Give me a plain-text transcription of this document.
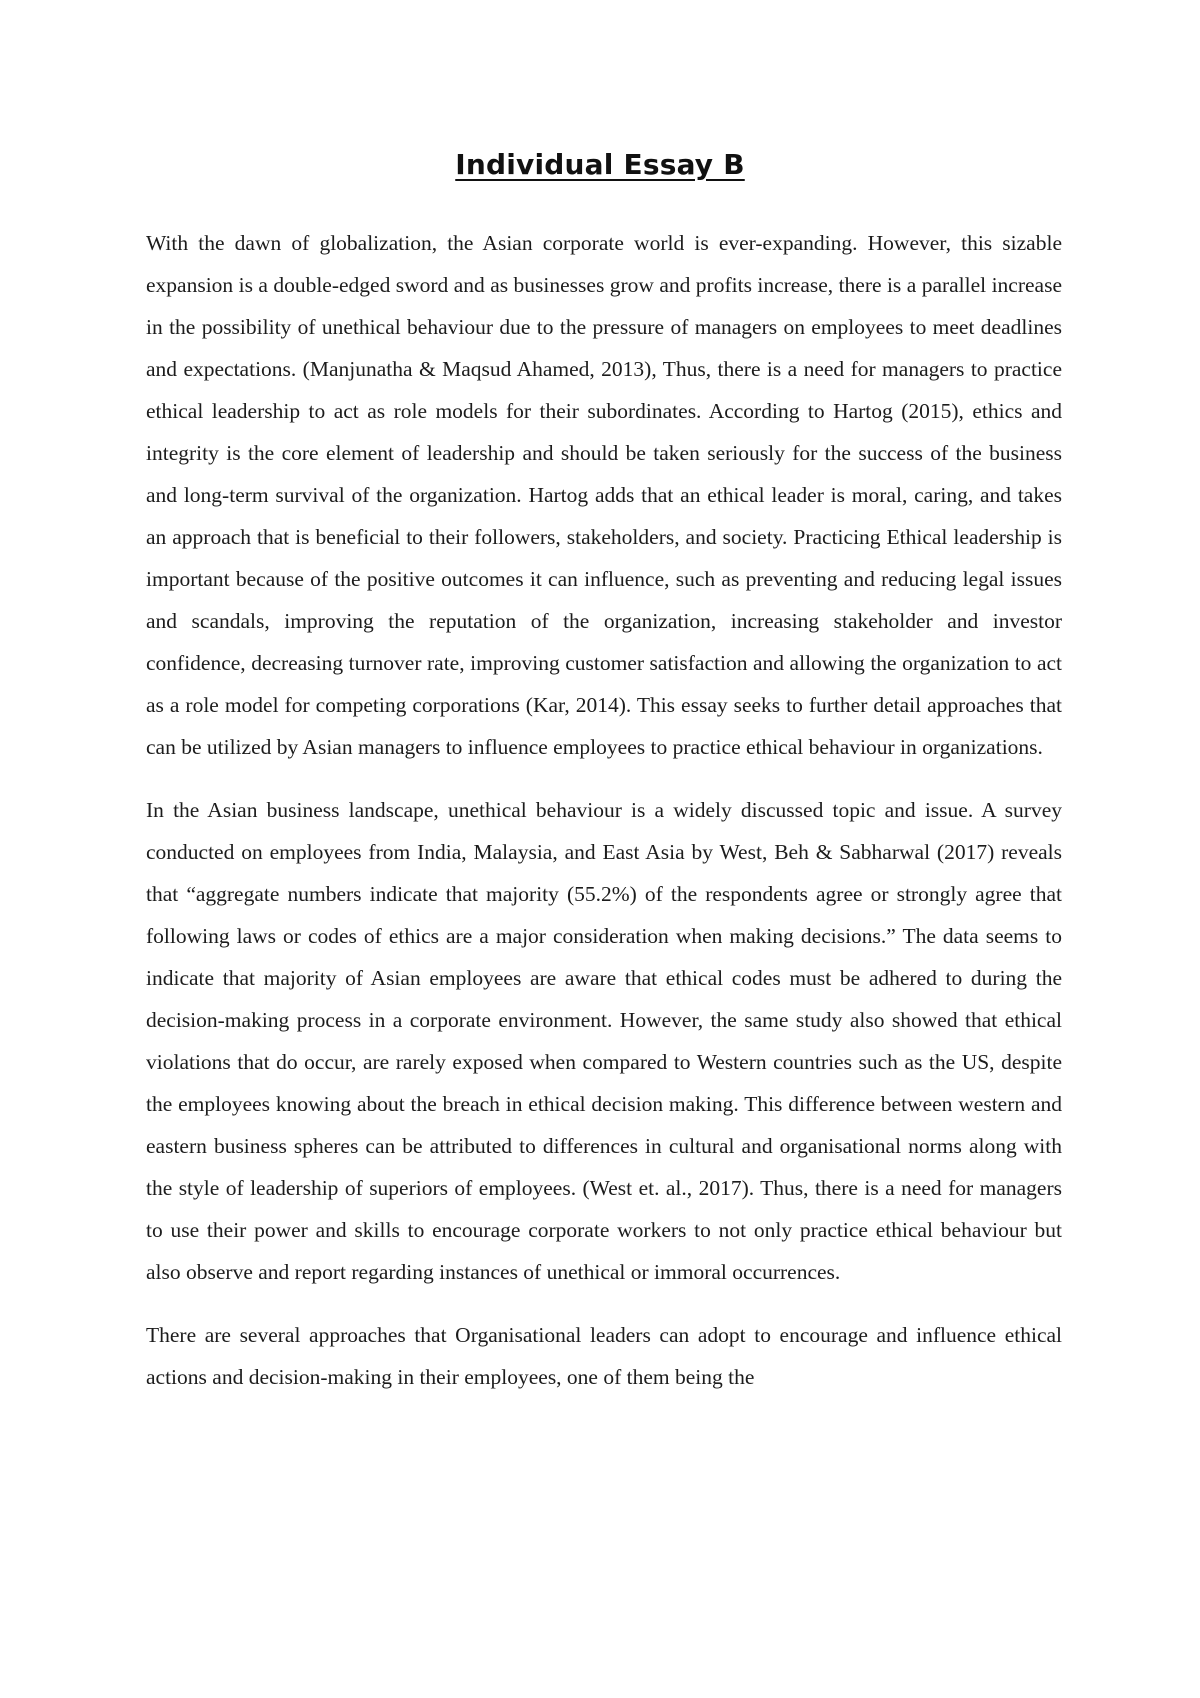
Individual Essay B

With the dawn of globalization, the Asian corporate world is ever-expanding. However, this sizable expansion is a double-edged sword and as businesses grow and profits increase, there is a parallel increase in the possibility of unethical behaviour due to the pressure of managers on employees to meet deadlines and expectations. (Manjunatha & Maqsud Ahamed, 2013), Thus, there is a need for managers to practice ethical leadership to act as role models for their subordinates. According to Hartog (2015), ethics and integrity is the core element of leadership and should be taken seriously for the success of the business and long-term survival of the organization. Hartog adds that an ethical leader is moral, caring, and takes an approach that is beneficial to their followers, stakeholders, and society. Practicing Ethical leadership is important because of the positive outcomes it can influence, such as preventing and reducing legal issues and scandals, improving the reputation of the organization, increasing stakeholder and investor confidence, decreasing turnover rate, improving customer satisfaction and allowing the organization to act as a role model for competing corporations (Kar, 2014). This essay seeks to further detail approaches that can be utilized by Asian managers to influence employees to practice ethical behaviour in organizations.

In the Asian business landscape, unethical behaviour is a widely discussed topic and issue. A survey conducted on employees from India, Malaysia, and East Asia by West, Beh & Sabharwal (2017) reveals that “aggregate numbers indicate that majority (55.2%) of the respondents agree or strongly agree that following laws or codes of ethics are a major consideration when making decisions.” The data seems to indicate that majority of Asian employees are aware that ethical codes must be adhered to during the decision-making process in a corporate environment. However, the same study also showed that ethical violations that do occur, are rarely exposed when compared to Western countries such as the US, despite the employees knowing about the breach in ethical decision making. This difference between western and eastern business spheres can be attributed to differences in cultural and organisational norms along with the style of leadership of superiors of employees. (West et. al., 2017). Thus, there is a need for managers to use their power and skills to encourage corporate workers to not only practice ethical behaviour but also observe and report regarding instances of unethical or immoral occurrences.

There are several approaches that Organisational leaders can adopt to encourage and influence ethical actions and decision-making in their employees, one of them being the
